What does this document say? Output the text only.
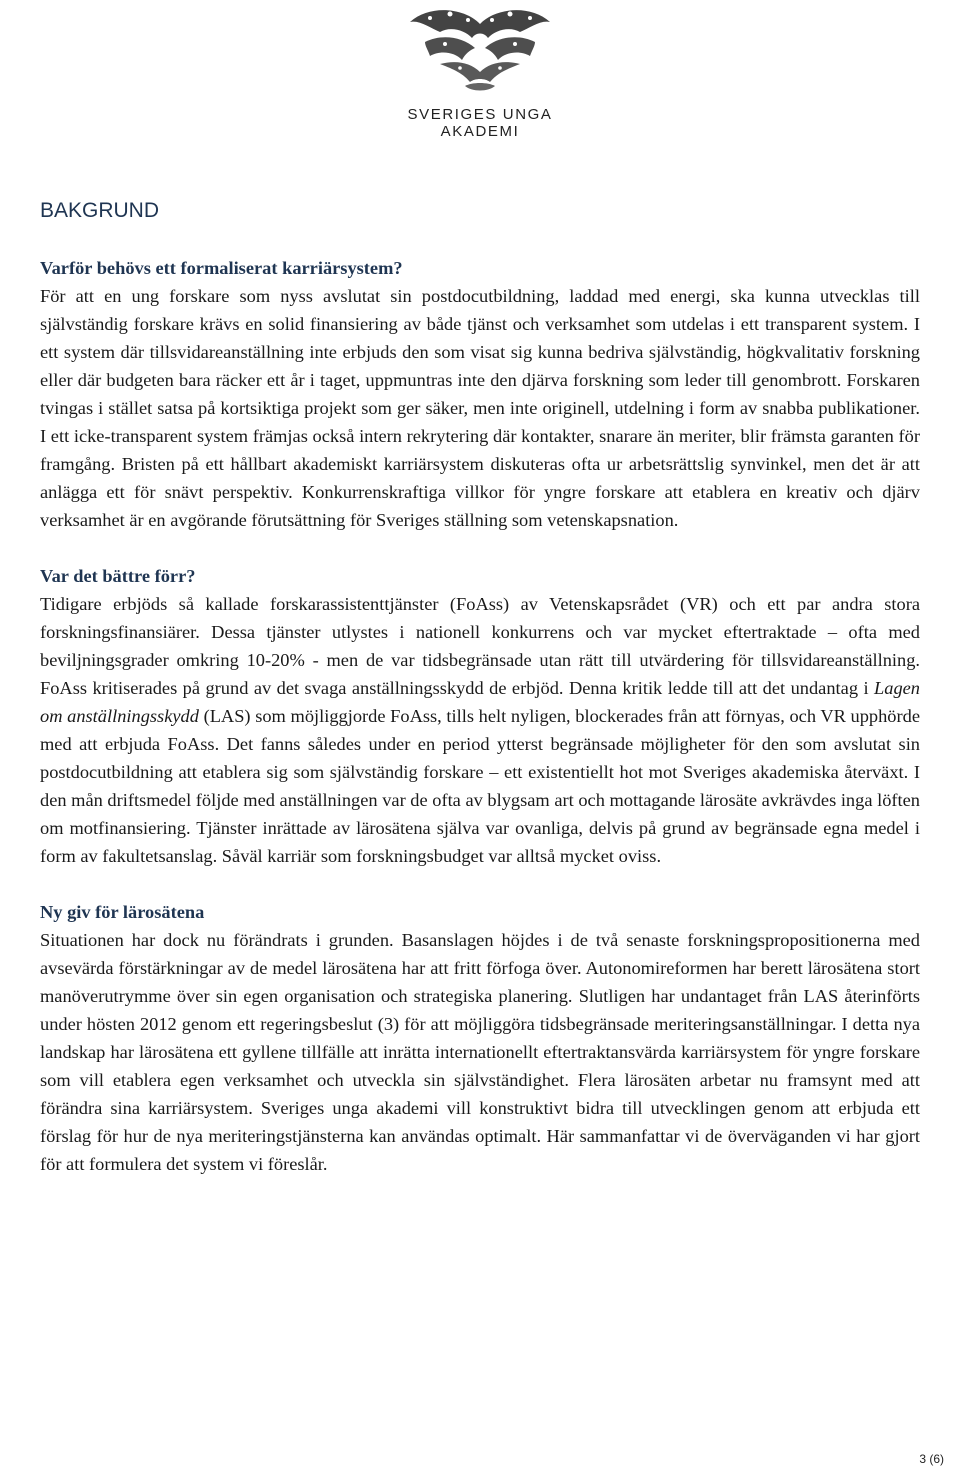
SVERIGES UNGA AKADEMI
BAKGRUND
Varför behövs ett formaliserat karriärsystem?

För att en ung forskare som nyss avslutat sin postdocutbildning, laddad med energi, ska kunna utvecklas till självständig forskare krävs en solid finansiering av både tjänst och verksamhet som utdelas i ett transparent system. I ett system där tillsvidareanställning inte erbjuds den som visat sig kunna bedriva självständig, högkvalitativ forskning eller där budgeten bara räcker ett år i taget, uppmuntras inte den djärva forskning som leder till genombrott. Forskaren tvingas i stället satsa på kortsiktiga projekt som ger säker, men inte originell, utdelning i form av snabba publikationer. I ett icke-transparent system främjas också intern rekrytering där kontakter, snarare än meriter, blir främsta garanten för framgång. Bristen på ett hållbart akademiskt karriärsystem diskuteras ofta ur arbetsrättslig synvinkel, men det är att anlägga ett för snävt perspektiv. Konkurrenskraftiga villkor för yngre forskare att etablera en kreativ och djärv verksamhet är en avgörande förutsättning för Sveriges ställning som vetenskapsnation.

Var det bättre förr?

Tidigare erbjöds så kallade forskarassistenttjänster (FoAss) av Vetenskapsrådet (VR) och ett par andra stora forskningsfinansiärer. Dessa tjänster utlystes i nationell konkurrens och var mycket eftertraktade – ofta med beviljningsgrader omkring 10-20% - men de var tidsbegränsade utan rätt till utvärdering för tillsvidareanställning. FoAss kritiserades på grund av det svaga anställningsskydd de erbjöd. Denna kritik ledde till att det undantag i Lagen om anställningsskydd (LAS) som möjliggjorde FoAss, tills helt nyligen, blockerades från att förnyas, och VR upphörde med att erbjuda FoAss. Det fanns således under en period ytterst begränsade möjligheter för den som avslutat sin postdocutbildning att etablera sig som självständig forskare – ett existentiellt hot mot Sveriges akademiska återväxt. I den mån driftsmedel följde med anställningen var de ofta av blygsam art och mottagande lärosäte avkrävdes inga löften om motfinansiering. Tjänster inrättade av lärosätena själva var ovanliga, delvis på grund av begränsade egna medel i form av fakultetsanslag. Såväl karriär som forskningsbudget var alltså mycket oviss.

Ny giv för lärosätena

Situationen har dock nu förändrats i grunden. Basanslagen höjdes i de två senaste forskningspropositionerna med avsevärda förstärkningar av de medel lärosätena har att fritt förfoga över. Autonomireformen har berett lärosätena stort manöverutrymme över sin egen organisation och strategiska planering. Slutligen har undantaget från LAS återinförts under hösten 2012 genom ett regeringsbeslut (3) för att möjliggöra tidsbegränsade meriteringsanställningar. I detta nya landskap har lärosätena ett gyllene tillfälle att inrätta internationellt eftertraktansvärda karriärsystem för yngre forskare som vill etablera egen verksamhet och utveckla sin självständighet. Flera lärosäten arbetar nu framsynt med att förändra sina karriärsystem. Sveriges unga akademi vill konstruktivt bidra till utvecklingen genom att erbjuda ett förslag för hur de nya meriteringstjänsterna kan användas optimalt. Här sammanfattar vi de överväganden vi har gjort för att formulera det system vi föreslår.

3 (6)
